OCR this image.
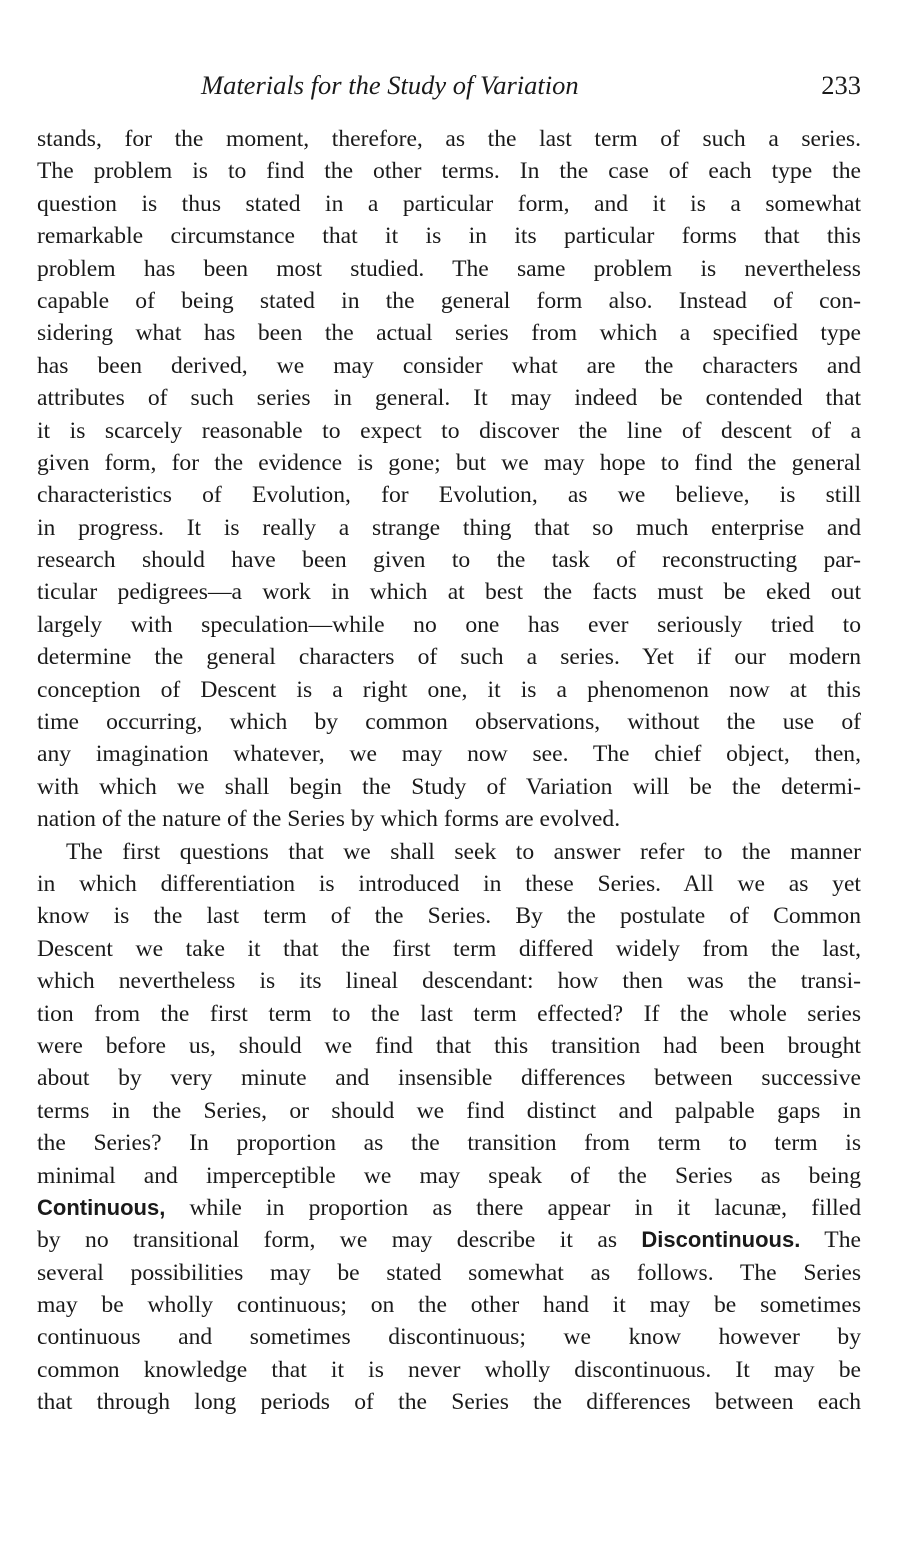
Materials for the Study of Variation	233
stands, for the moment, therefore, as the last term of such a series.
The problem is to find the other terms. In the case of each type the
question is thus stated in a particular form, and it is a somewhat
remarkable circumstance that it is in its particular forms that this
problem has been most studied. The same problem is nevertheless
capable of being stated in the general form also. Instead of con-
sidering what has been the actual series from which a specified type
has been derived, we may consider what are the characters and
attributes of such series in general. It may indeed be contended that
it is scarcely reasonable to expect to discover the line of descent of a
given form, for the evidence is gone; but we may hope to find the general
characteristics of Evolution, for Evolution, as we believe, is still
in progress. It is really a strange thing that so much enterprise and
research should have been given to the task of reconstructing par-
ticular pedigrees—a work in which at best the facts must be eked out
largely with speculation—while no one has ever seriously tried to
determine the general characters of such a series. Yet if our modern
conception of Descent is a right one, it is a phenomenon now at this
time occurring, which by common observations, without the use of
any imagination whatever, we may now see. The chief object, then,
with which we shall begin the Study of Variation will be the determi-
nation of the nature of the Series by which forms are evolved.
The first questions that we shall seek to answer refer to the manner
in which differentiation is introduced in these Series. All we as yet
know is the last term of the Series. By the postulate of Common
Descent we take it that the first term differed widely from the last,
which nevertheless is its lineal descendant: how then was the transi-
tion from the first term to the last term effected? If the whole series
were before us, should we find that this transition had been brought
about by very minute and insensible differences between successive
terms in the Series, or should we find distinct and palpable gaps in
the Series? In proportion as the transition from term to term is
minimal and imperceptible we may speak of the Series as being
Continuous, while in proportion as there appear in it lacunæ, filled
by no transitional form, we may describe it as Discontinuous. The
several possibilities may be stated somewhat as follows. The Series
may be wholly continuous; on the other hand it may be sometimes
continuous and sometimes discontinuous; we know however by
common knowledge that it is never wholly discontinuous. It may be
that through long periods of the Series the differences between each
